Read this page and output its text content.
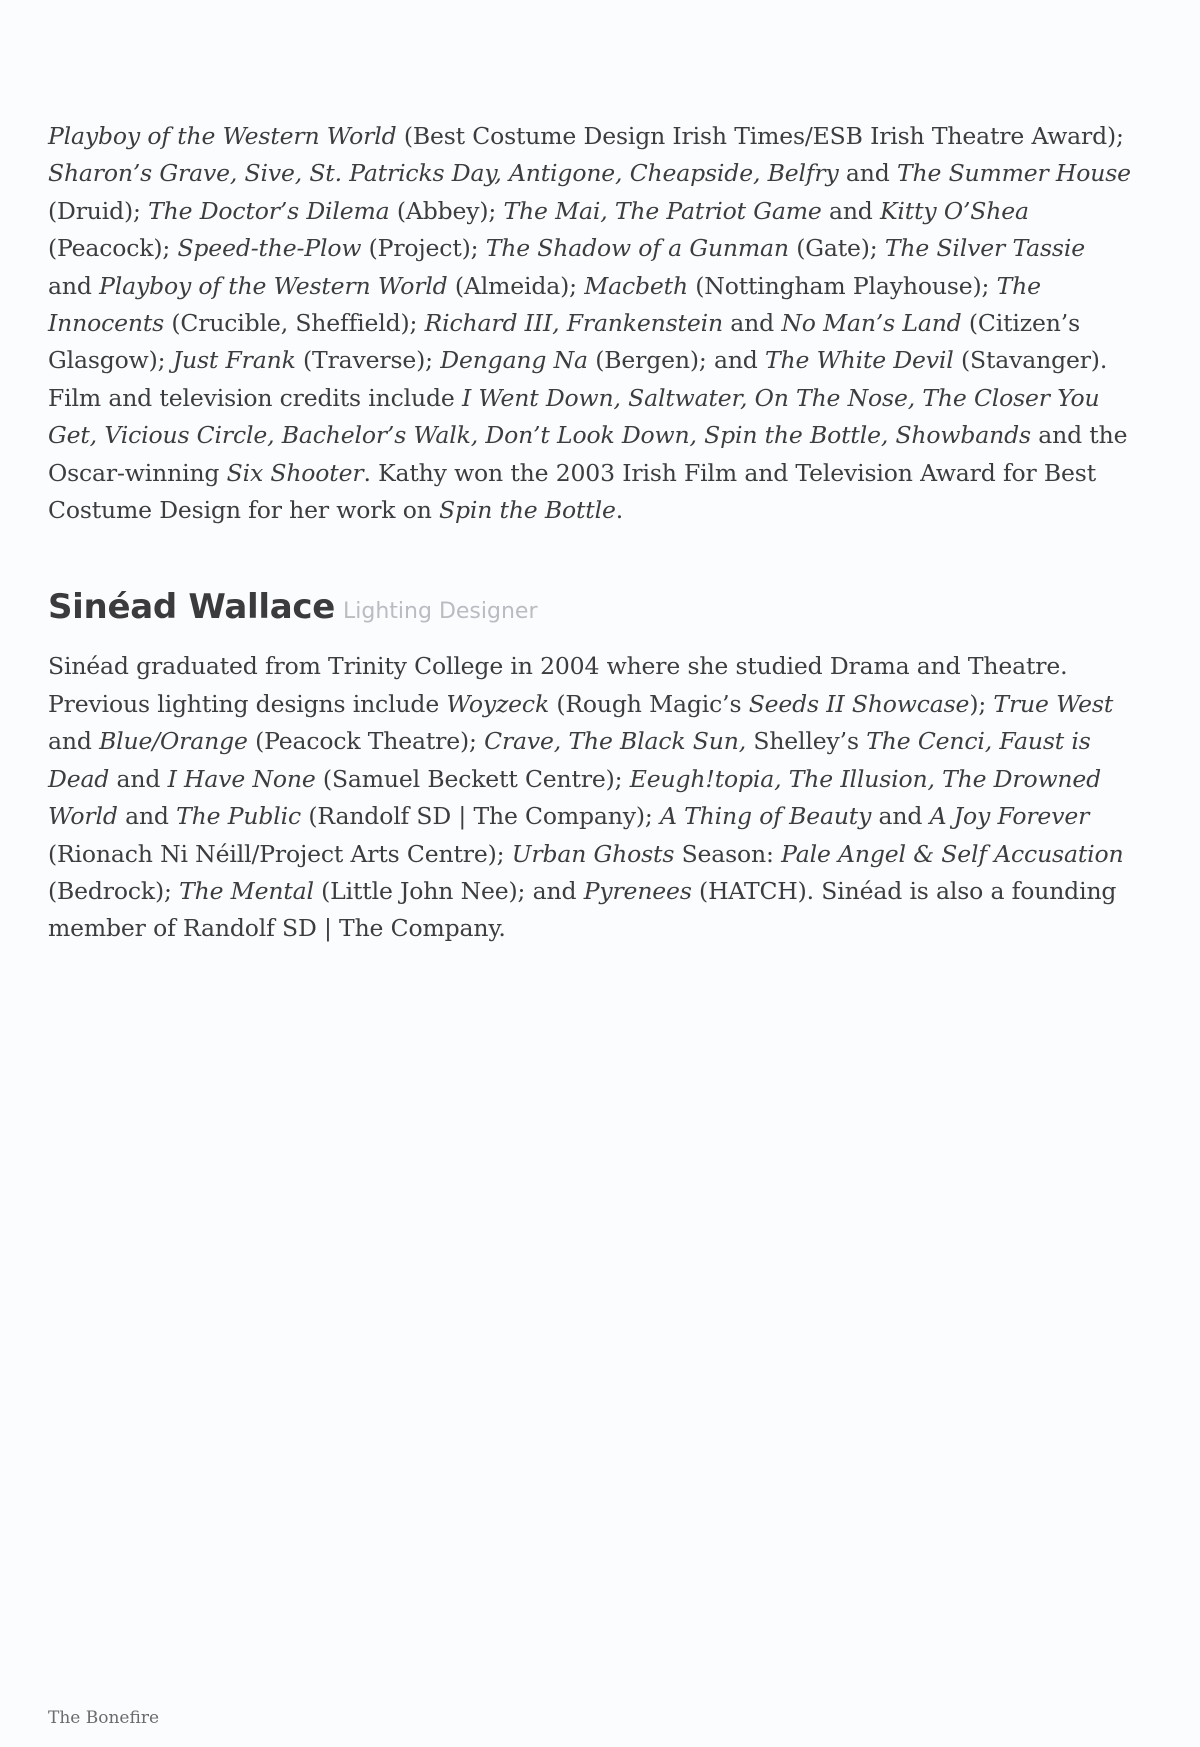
Playboy of the Western World (Best Costume Design Irish Times/ESB Irish Theatre Award); Sharon’s Grave, Sive, St. Patricks Day, Antigone, Cheapside, Belfry and The Summer House (Druid); The Doctor’s Dilema (Abbey); The Mai, The Patriot Game and Kitty O’Shea (Peacock); Speed-the-Plow (Project); The Shadow of a Gunman (Gate); The Silver Tassie and Playboy of the Western World (Almeida); Macbeth (Nottingham Playhouse); The Innocents (Crucible, Sheffield); Richard III, Frankenstein and No Man’s Land (Citizen’s Glasgow); Just Frank (Traverse); Dengang Na (Bergen); and The White Devil (Stavanger). Film and television credits include I Went Down, Saltwater, On The Nose, The Closer You Get, Vicious Circle, Bachelor’s Walk, Don’t Look Down, Spin the Bottle, Showbands and the Oscar-winning Six Shooter. Kathy won the 2003 Irish Film and Television Award for Best Costume Design for her work on Spin the Bottle.

Sinéad Wallace Lighting Designer

Sinéad graduated from Trinity College in 2004 where she studied Drama and Theatre. Previous lighting designs include Woyzeck (Rough Magic’s Seeds II Showcase); True West and Blue/Orange (Peacock Theatre); Crave, The Black Sun, Shelley’s The Cenci, Faust is Dead and I Have None (Samuel Beckett Centre); Eeugh!topia, The Illusion, The Drowned World and The Public (Randolf SD | The Company); A Thing of Beauty and A Joy Forever (Rionach Ni Néill/Project Arts Centre); Urban Ghosts Season: Pale Angel & Self Accusation (Bedrock); The Mental (Little John Nee); and Pyrenees (HATCH). Sinéad is also a founding member of Randolf SD | The Company.

The Bonefire
